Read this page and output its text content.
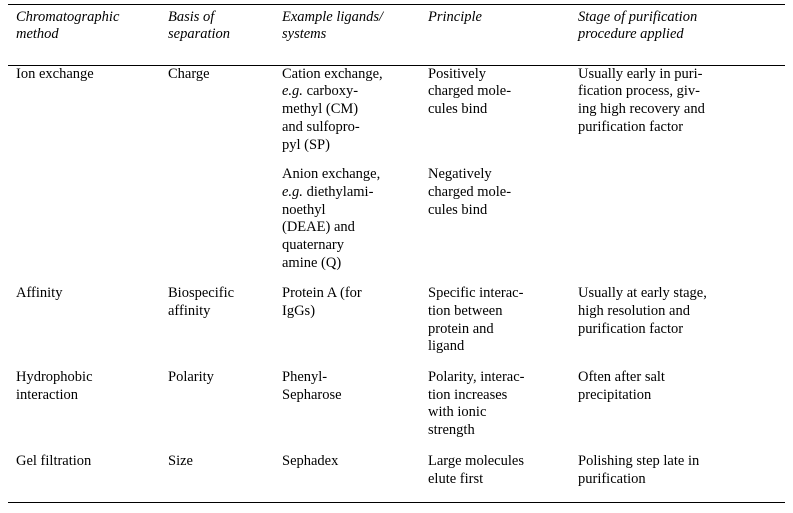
Chromatographic
method	Basis of
separation	Example ligands/
systems	Principle	Stage of purification
procedure applied

Ion exchange	Charge	Cation exchange,
e.g. carboxy-
methyl (CM)
and sulfopro-
pyl (SP)	Positively
charged mole-
cules bind	Usually early in puri-
fication process, giv-
ing high recovery and
purification factor

Anion exchange,
e.g. diethylami-
noethyl
(DEAE) and
quaternary
amine (Q)

Negatively
charged mole-
cules bind

Affinity	Biospecific
affinity	Protein A (for
IgGs)	Specific interac-
tion between
protein and
ligand	Usually at early stage,
high resolution and
purification factor

Hydrophobic
interaction	Polarity	Phenyl-
Sepharose	Polarity, interac-
tion increases
with ionic
strength	Often after salt
precipitation

Gel filtration	Size	Sephadex	Large molecules
elute first	Polishing step late in
purification
